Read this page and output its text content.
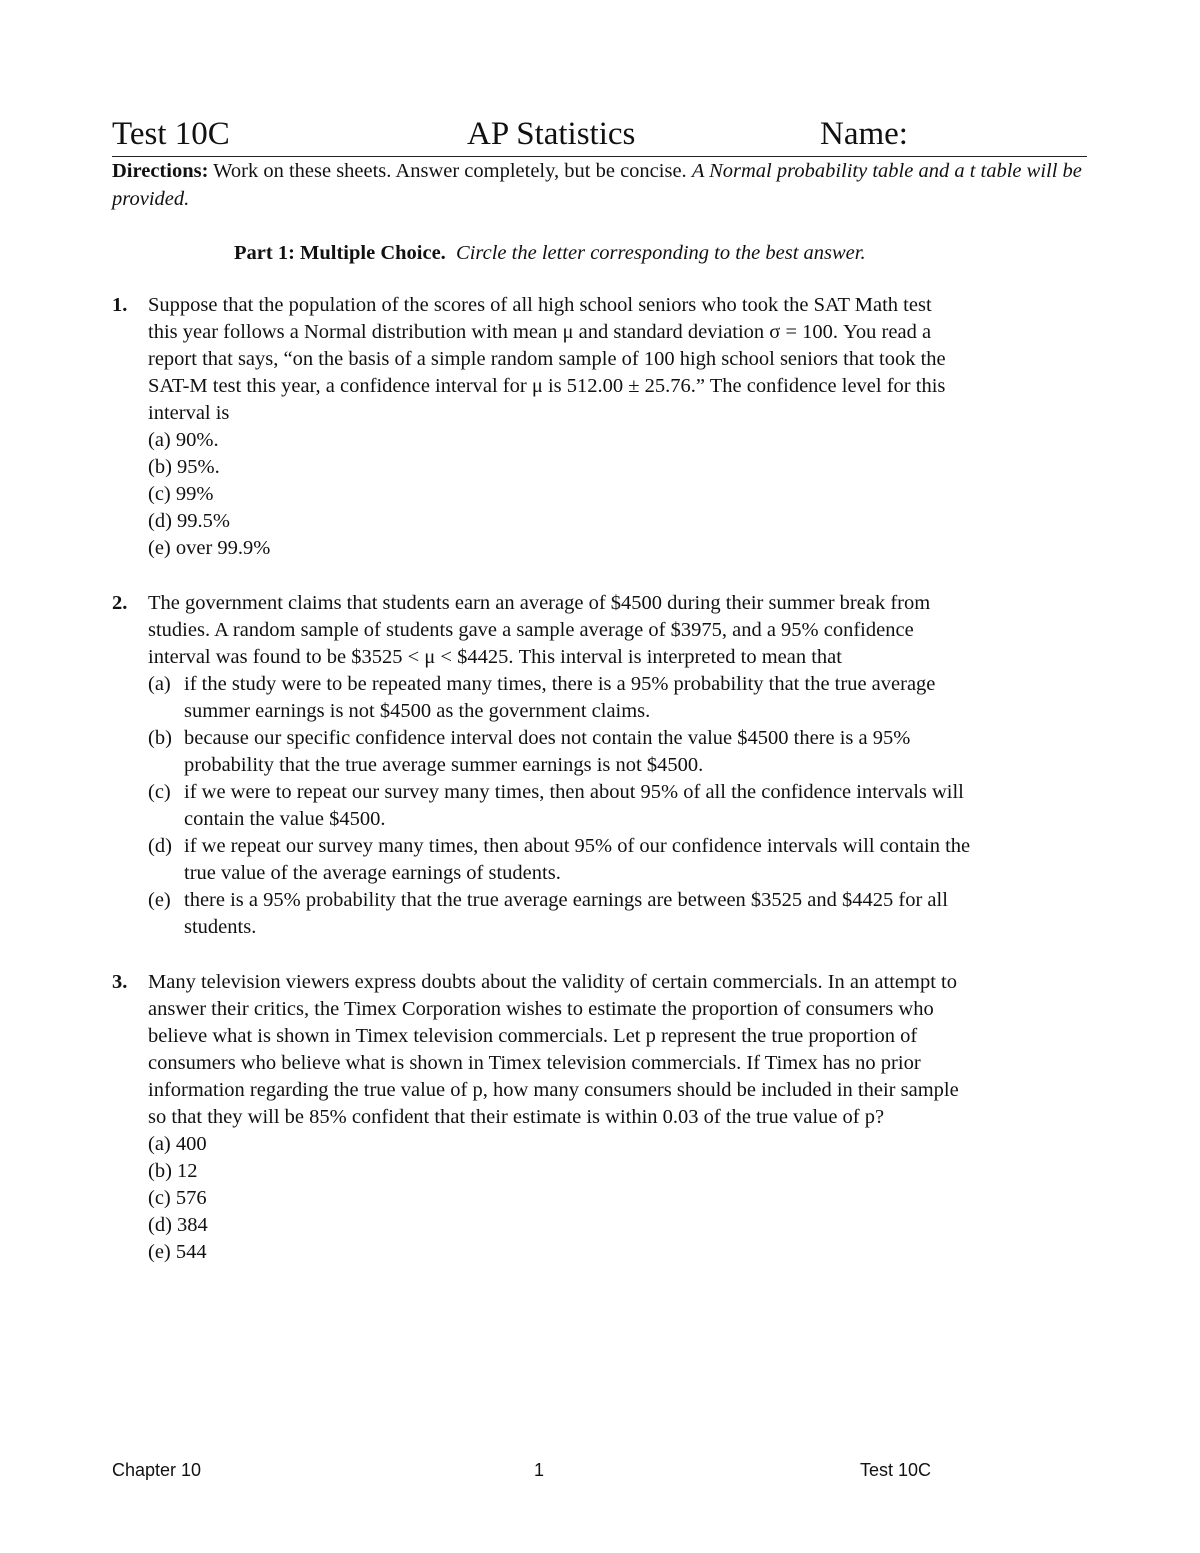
Test 10C	AP Statistics	Name:
Directions: Work on these sheets. Answer completely, but be concise. A Normal probability table and a t table will be provided.
Part 1: Multiple Choice. Circle the letter corresponding to the best answer.
1. Suppose that the population of the scores of all high school seniors who took the SAT Math test
this year follows a Normal distribution with mean μ and standard deviation σ = 100. You read a
report that says, “on the basis of a simple random sample of 100 high school seniors that took the
SAT-M test this year, a confidence interval for μ is 512.00 ± 25.76.” The confidence level for this
interval is
(a) 90%.
(b) 95%.
(c) 99%
(d) 99.5%
(e) over 99.9%
2. The government claims that students earn an average of $4500 during their summer break from
studies. A random sample of students gave a sample average of $3975, and a 95% confidence
interval was found to be $3525 < μ < $4425. This interval is interpreted to mean that
(a) if the study were to be repeated many times, there is a 95% probability that the true average
summer earnings is not $4500 as the government claims.
(b) because our specific confidence interval does not contain the value $4500 there is a 95%
probability that the true average summer earnings is not $4500.
(c) if we were to repeat our survey many times, then about 95% of all the confidence intervals will
contain the value $4500.
(d) if we repeat our survey many times, then about 95% of our confidence intervals will contain the
true value of the average earnings of students.
(e) there is a 95% probability that the true average earnings are between $3525 and $4425 for all
students.
3. Many television viewers express doubts about the validity of certain commercials. In an attempt to
answer their critics, the Timex Corporation wishes to estimate the proportion of consumers who
believe what is shown in Timex television commercials. Let p represent the true proportion of
consumers who believe what is shown in Timex television commercials. If Timex has no prior
information regarding the true value of p, how many consumers should be included in their sample
so that they will be 85% confident that their estimate is within 0.03 of the true value of p?
(a) 400
(b) 12
(c) 576
(d) 384
(e) 544
Chapter 10	1	Test 10C
